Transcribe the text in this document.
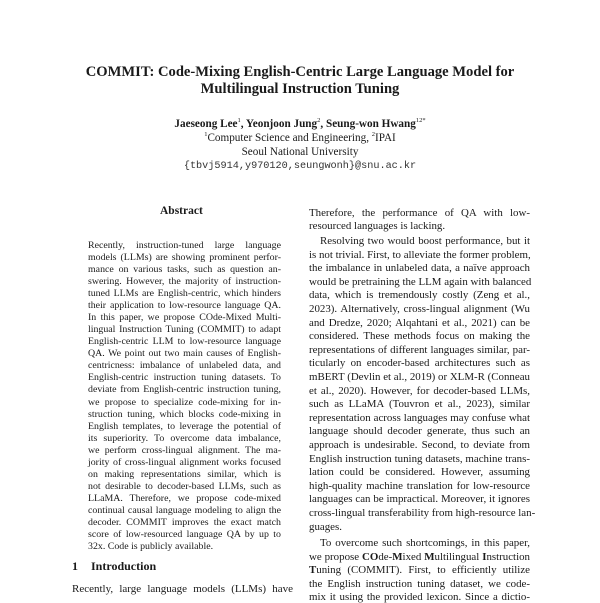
COMMIT: Code-Mixing English-Centric Large Language Model for
Multilingual Instruction Tuning
Jaeseong Lee$^1$, Yeonjoon Jung$^2$, Seung-won Hwang$^{12*}$
$^1$Computer Science and Engineering, $^2$IPAI
Seoul National University
{tbvj5914,y970120,seungwonh}@snu.ac.kr
Abstract
Recently, instruction-tuned large language
models (LLMs) are showing prominent perfor-
mance on various tasks, such as question an-
swering. However, the majority of instruction-
tuned LLMs are English-centric, which hinders
their application to low-resource language QA.
In this paper, we propose COde-Mixed Multi-
lingual Instruction Tuning (COMMIT) to adapt
English-centric LLM to low-resource language
QA. We point out two main causes of English-
centricness: imbalance of unlabeled data, and
English-centric instruction tuning datasets. To
deviate from English-centric instruction tuning,
we propose to specialize code-mixing for in-
struction tuning, which blocks code-mixing in
English templates, to leverage the potential of
its superiority. To overcome data imbalance,
we perform cross-lingual alignment. The ma-
jority of cross-lingual alignment works focused
on making representations similar, which is
not desirable to decoder-based LLMs, such as
LLaMA. Therefore, we propose code-mixed
continual causal language modeling to align the
decoder. COMMIT improves the exact match
score of low-resourced language QA by up to
32x. Code is publicly available.
1 Introduction
Recently, large language models (LLMs) have
Therefore, the performance of QA with low-
resourced languages is lacking.
Resolving two would boost performance, but it
is not trivial. First, to alleviate the former problem,
the imbalance in unlabeled data, a naïve approach
would be pretraining the LLM again with balanced
data, which is tremendously costly (Zeng et al.,
2023). Alternatively, cross-lingual alignment (Wu
and Dredze, 2020; Alqahtani et al., 2021) can be
considered. These methods focus on making the
representations of different languages similar, par-
ticularly on encoder-based architectures such as
mBERT (Devlin et al., 2019) or XLM-R (Conneau
et al., 2020). However, for decoder-based LLMs,
such as LLaMA (Touvron et al., 2023), similar
representation across languages may confuse what
language should decoder generate, thus such an
approach is undesirable. Second, to deviate from
English instruction tuning datasets, machine trans-
lation could be considered. However, assuming
high-quality machine translation for low-resource
languages can be impractical. Moreover, it ignores
cross-lingual transferability from high-resource lan-
guages.
To overcome such shortcomings, in this paper,
we propose COde-Mixed Multilingual Instruction
Tuning (COMMIT). First, to efficiently utilize
the English instruction tuning dataset, we code-
mix it using the provided lexicon. Since a dictio-
